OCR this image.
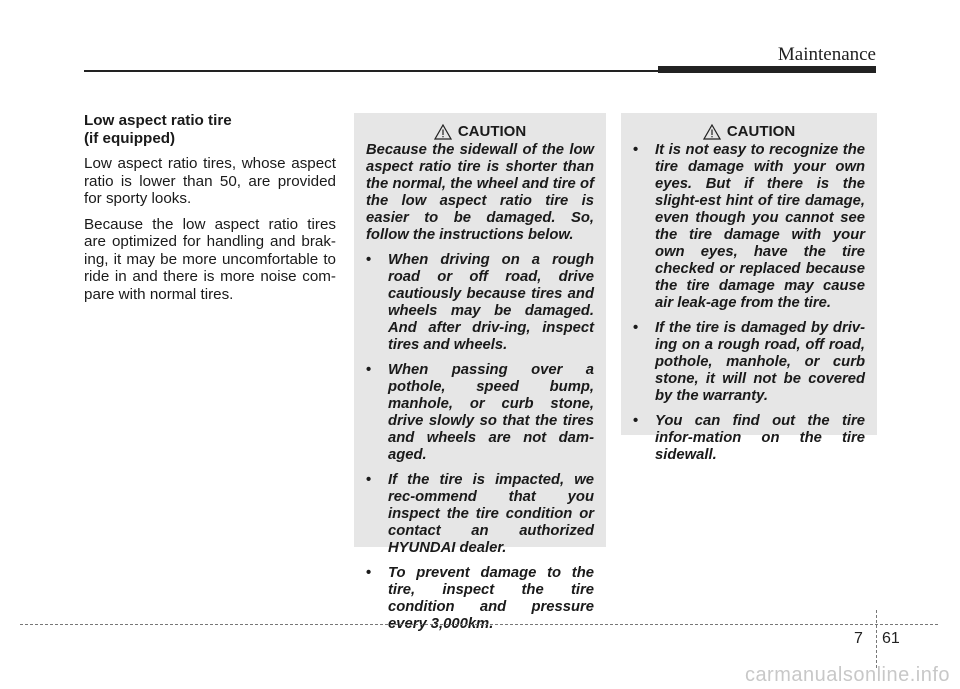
Maintenance
Low aspect ratio tire
(if equipped)

Low aspect ratio tires, whose aspect ratio is lower than 50, are provided for sporty looks.

Because the low aspect ratio tires are optimized for handling and brak-ing, it may be more uncomfortable to ride in and there is more noise com-pare with normal tires.

CAUTION

Because the sidewall of the low aspect ratio tire is shorter than the normal, the wheel and tire of the low aspect ratio tire is easier to be damaged. So, follow the instructions below.

• When driving on a rough road or off road, drive cautiously because tires and wheels may be damaged. And after driv-ing, inspect tires and wheels.
• When passing over a pothole, speed bump, manhole, or curb stone, drive slowly so that the tires and wheels are not dam-aged.
• If the tire is impacted, we rec-ommend that you inspect the tire condition or contact an authorized HYUNDAI dealer.
• To prevent damage to the tire, inspect the tire condition and pressure every 3,000km.
CAUTION
• It is not easy to recognize the tire damage with your own eyes. But if there is the slight-est hint of tire damage, even though you cannot see the tire damage with your own eyes, have the tire checked or replaced because the tire damage may cause air leak-age from the tire.
• If the tire is damaged by driv-ing on a rough road, off road, pothole, manhole, or curb stone, it will not be covered by the warranty.
• You can find out the tire infor-mation on the tire sidewall.
7 61
carmanualsonline.info
